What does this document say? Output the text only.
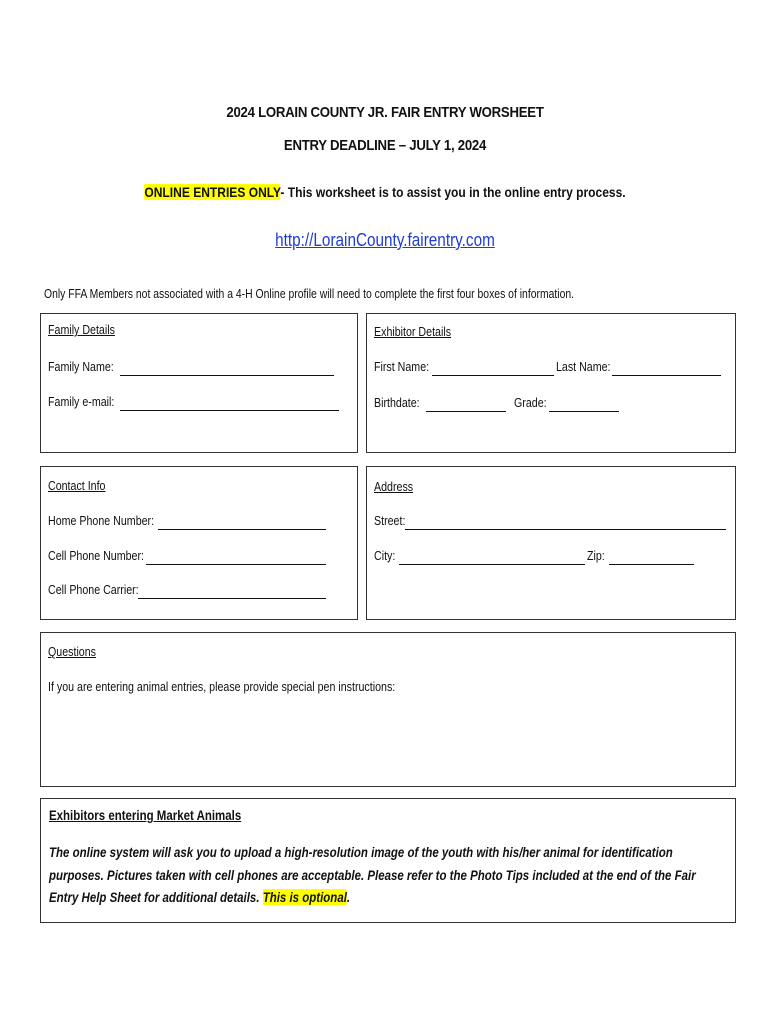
2024 LORAIN COUNTY JR. FAIR ENTRY WORSHEET
ENTRY DEADLINE – JULY 1, 2024
ONLINE ENTRIES ONLY- This worksheet is to assist you in the online entry process.
http://LorainCounty.fairentry.com
Only FFA Members not associated with a 4-H Online profile will need to complete the first four boxes of information.
Family Details
Family Name:
Family e-mail:
Exhibitor Details
First Name:	Last Name:
Birthdate:	Grade:
Contact Info
Home Phone Number:
Cell Phone Number:
Cell Phone Carrier:
Address
Street:
City:	Zip:
Questions
If you are entering animal entries, please provide special pen instructions:
Exhibitors entering Market Animals
The online system will ask you to upload a high-resolution image of the youth with his/her animal for identification purposes. Pictures taken with cell phones are acceptable. Please refer to the Photo Tips included at the end of the Fair Entry Help Sheet for additional details. This is optional.
